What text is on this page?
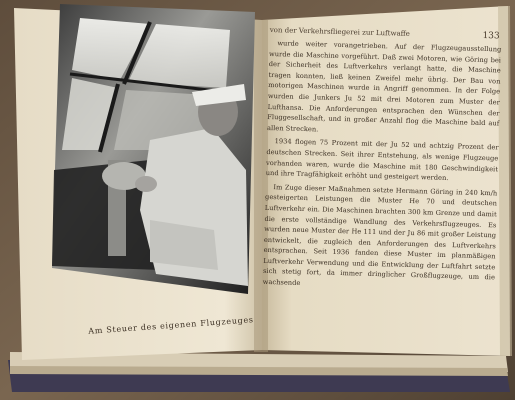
Am Steuer des eigenen Flugzeuges
von der Verkehrsfliegerei zur Luftwaffe	133

wurde weiter vorangetrieben. Auf der Flugzeugausstellung wurde die Maschine vorgeführt. Daß zwei Motoren, wie Göring bei der Sicherheit des Luftverkehrs verlangt hatte, die Maschine tragen konnten, ließ keinen Zweifel mehr übrig. Der Bau von motorigen Maschinen wurde in Angriff genommen. In der Folge wurden die Junkers Ju 52 mit drei Motoren zum Muster der Lufthansa. Die Anforderungen entsprachen den Wünschen der Fluggesellschaft, und in großer Anzahl flog die Maschine bald auf allen Strecken.

1934 flogen 75 Prozent mit der Ju 52 und achtzig Prozent der deutschen Strecken. Seit ihrer Entstehung, als wenige Flugzeuge vorhanden waren, wurde die Maschine mit 180 Geschwindigkeit und ihre Tragfähigkeit erhöht und gesteigert werden.

Im Zuge dieser Maßnahmen setzte Hermann Göring in 240 km/h gesteigerten Leistungen die Muster He 70 und deutschen Luftverkehr ein. Die Maschinen brachten 300 km Grenze und damit die erste vollständige Wandlung des Verkehrsflugzeuges. Es wurden neue Muster der He 111 und der Ju 86 mit großer Leistung entwickelt, die zugleich den Anforderungen des Luftverkehrs entsprachen. Seit 1936 fanden diese Muster im planmäßigen Luftverkehr Verwendung und die Entwicklung der Luftfahrt setzte sich stetig fort, da immer dringlicher Großflugzeuge, um die wachsende
